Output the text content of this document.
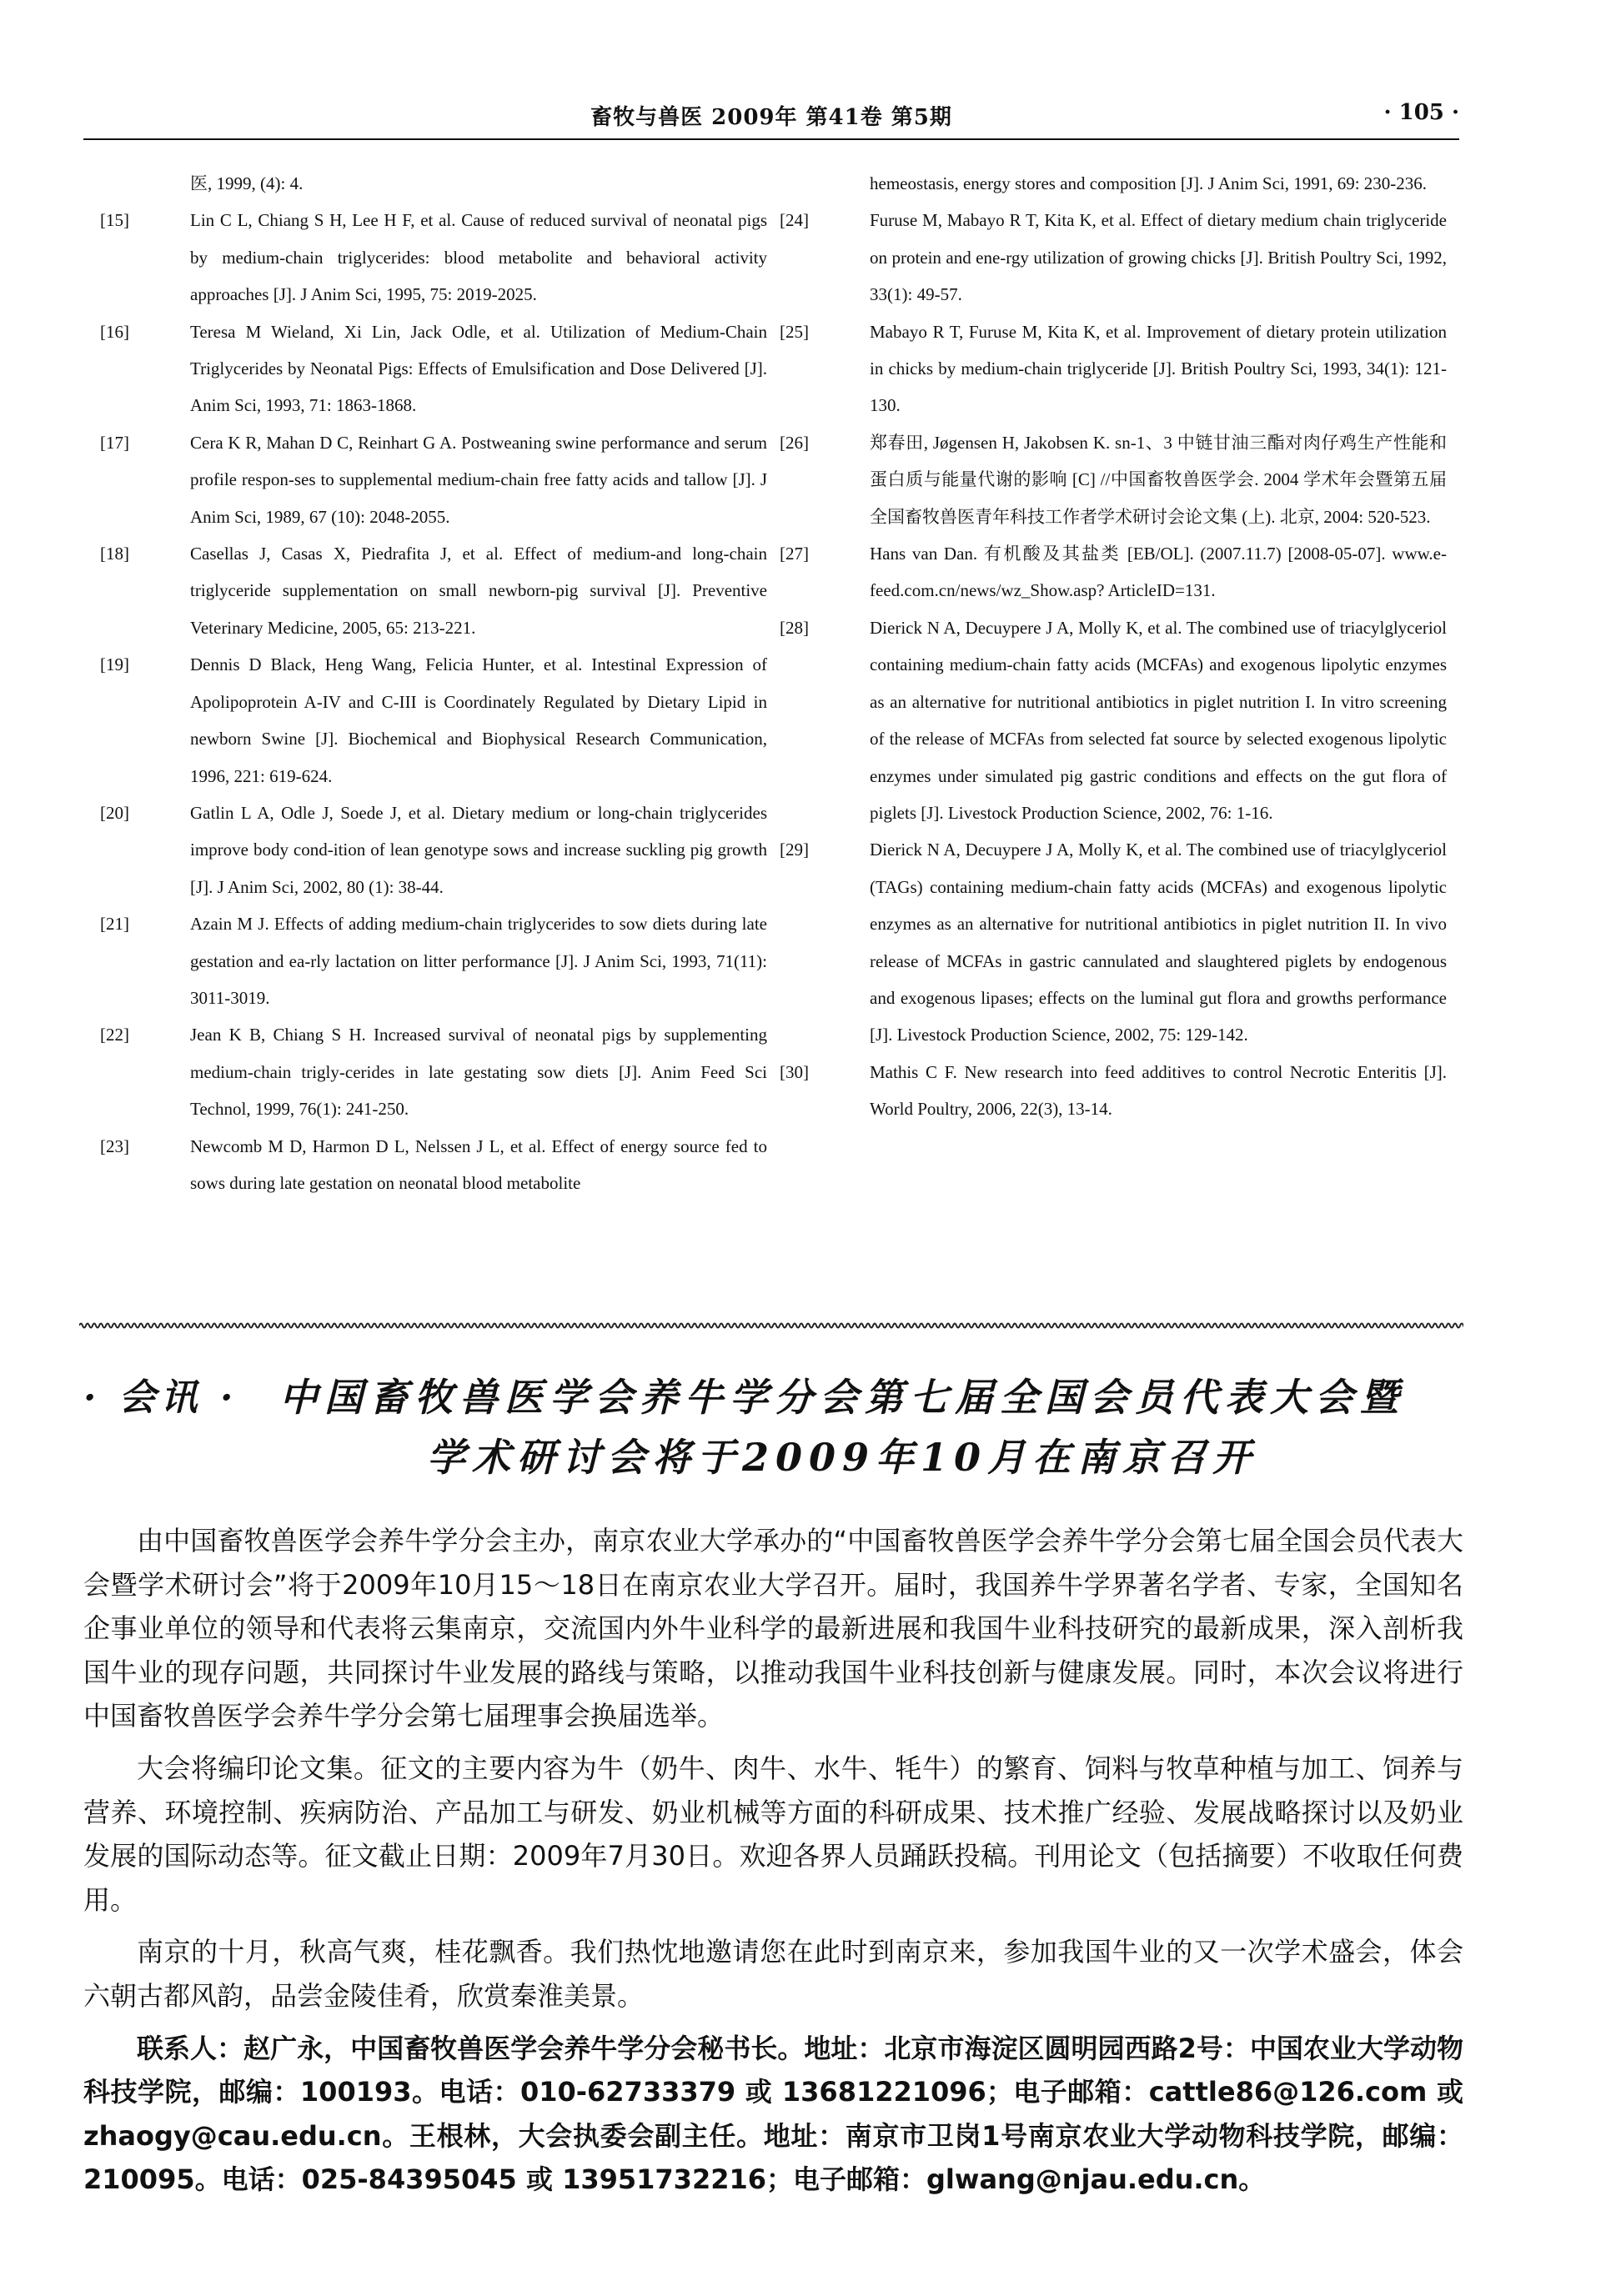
畜牧与兽医 2009年 第41卷 第5期	· 105 ·
医, 1999, (4): 4.
[15]	Lin C L, Chiang S H, Lee H F, et al. Cause of reduced survival of neonatal pigs by medium-chain triglycerides: blood metabolite and behavioral activity approaches [J]. J Anim Sci, 1995, 75: 2019-2025.
[16]	Teresa M Wieland, Xi Lin, Jack Odle, et al. Utilization of Medium-Chain Triglycerides by Neonatal Pigs: Effects of Emulsification and Dose Delivered [J]. Anim Sci, 1993, 71: 1863-1868.
[17]	Cera K R, Mahan D C, Reinhart G A. Postweaning swine performance and serum profile respon-ses to supplemental medium-chain free fatty acids and tallow [J]. J Anim Sci, 1989, 67 (10): 2048-2055.
[18]	Casellas J, Casas X, Piedrafita J, et al. Effect of medium-and long-chain triglyceride supplementation on small newborn-pig survival [J]. Preventive Veterinary Medicine, 2005, 65: 213-221.
[19]	Dennis D Black, Heng Wang, Felicia Hunter, et al. Intestinal Expression of Apolipoprotein A-IV and C-III is Coordinately Regulated by Dietary Lipid in newborn Swine [J]. Biochemical and Biophysical Research Communication, 1996, 221: 619-624.
[20]	Gatlin L A, Odle J, Soede J, et al. Dietary medium or long-chain triglycerides improve body cond-ition of lean genotype sows and increase suckling pig growth [J]. J Anim Sci, 2002, 80 (1): 38-44.
[21]	Azain M J. Effects of adding medium-chain triglycerides to sow diets during late gestation and ea-rly lactation on litter performance [J]. J Anim Sci, 1993, 71(11): 3011-3019.
[22]	Jean K B, Chiang S H. Increased survival of neonatal pigs by supplementing medium-chain trigly-cerides in late gestating sow diets [J]. Anim Feed Sci Technol, 1999, 76(1): 241-250.
[23]	Newcomb M D, Harmon D L, Nelssen J L, et al. Effect of energy source fed to sows during late gestation on neonatal blood metabolite
hemeostasis, energy stores and composition [J]. J Anim Sci, 1991, 69: 230-236.
[24]	Furuse M, Mabayo R T, Kita K, et al. Effect of dietary medium chain triglyceride on protein and ene-rgy utilization of growing chicks [J]. British Poultry Sci, 1992, 33(1): 49-57.
[25]	Mabayo R T, Furuse M, Kita K, et al. Improvement of dietary protein utilization in chicks by medium-chain triglyceride [J]. British Poultry Sci, 1993, 34(1): 121-130.
[26]	郑春田, Jøgensen H, Jakobsen K. sn-1、3 中链甘油三酯对肉仔鸡生产性能和蛋白质与能量代谢的影响 [C] //中国畜牧兽医学会. 2004 学术年会暨第五届全国畜牧兽医青年科技工作者学术研讨会论文集 (上). 北京, 2004: 520-523.
[27]	Hans van Dan. 有机酸及其盐类 [EB/OL]. (2007.11.7) [2008-05-07]. www.e-feed.com.cn/news/wz_Show.asp? ArticleID=131.
[28]	Dierick N A, Decuypere J A, Molly K, et al. The combined use of triacylglyceriol containing medium-chain fatty acids (MCFAs) and exogenous lipolytic enzymes as an alternative for nutritional antibiotics in piglet nutrition I. In vitro screening of the release of MCFAs from selected fat source by selected exogenous lipolytic enzymes under simulated pig gastric conditions and effects on the gut flora of piglets [J]. Livestock Production Science, 2002, 76: 1-16.
[29]	Dierick N A, Decuypere J A, Molly K, et al. The combined use of triacylglyceriol (TAGs) containing medium-chain fatty acids (MCFAs) and exogenous lipolytic enzymes as an alternative for nutritional antibiotics in piglet nutrition II. In vivo release of MCFAs in gastric cannulated and slaughtered piglets by endogenous and exogenous lipases; effects on the luminal gut flora and growths performance [J]. Livestock Production Science, 2002, 75: 129-142.
[30]	Mathis C F. New research into feed additives to control Necrotic Enteritis [J]. World Poultry, 2006, 22(3), 13-14.
· 会讯 ·	中国畜牧兽医学会养牛学分会第七届全国会员代表大会暨
学术研讨会将于2009年10月在南京召开

由中国畜牧兽医学会养牛学分会主办，南京农业大学承办的“中国畜牧兽医学会养牛学分会第七届全国会员代表大会暨学术研讨会”将于2009年10月15～18日在南京农业大学召开。届时，我国养牛学界著名学者、专家，全国知名企事业单位的领导和代表将云集南京，交流国内外牛业科学的最新进展和我国牛业科技研究的最新成果，深入剖析我国牛业的现存问题，共同探讨牛业发展的路线与策略，以推动我国牛业科技创新与健康发展。同时，本次会议将进行中国畜牧兽医学会养牛学分会第七届理事会换届选举。

大会将编印论文集。征文的主要内容为牛（奶牛、肉牛、水牛、牦牛）的繁育、饲料与牧草种植与加工、饲养与营养、环境控制、疾病防治、产品加工与研发、奶业机械等方面的科研成果、技术推广经验、发展战略探讨以及奶业发展的国际动态等。征文截止日期：2009年7月30日。欢迎各界人员踊跃投稿。刊用论文（包括摘要）不收取任何费用。

南京的十月，秋高气爽，桂花飘香。我们热忱地邀请您在此时到南京来，参加我国牛业的又一次学术盛会，体会六朝古都风韵，品尝金陵佳肴，欣赏秦淮美景。

联系人：赵广永，中国畜牧兽医学会养牛学分会秘书长。地址：北京市海淀区圆明园西路2号：中国农业大学动物科技学院，邮编：100193。电话：010-62733379 或 13681221096；电子邮箱：cattle86@126.com 或 zhaogy@cau.edu.cn。王根林，大会执委会副主任。地址：南京市卫岗1号南京农业大学动物科技学院，邮编：210095。电话：025-84395045 或 13951732216；电子邮箱：glwang@njau.edu.cn。
